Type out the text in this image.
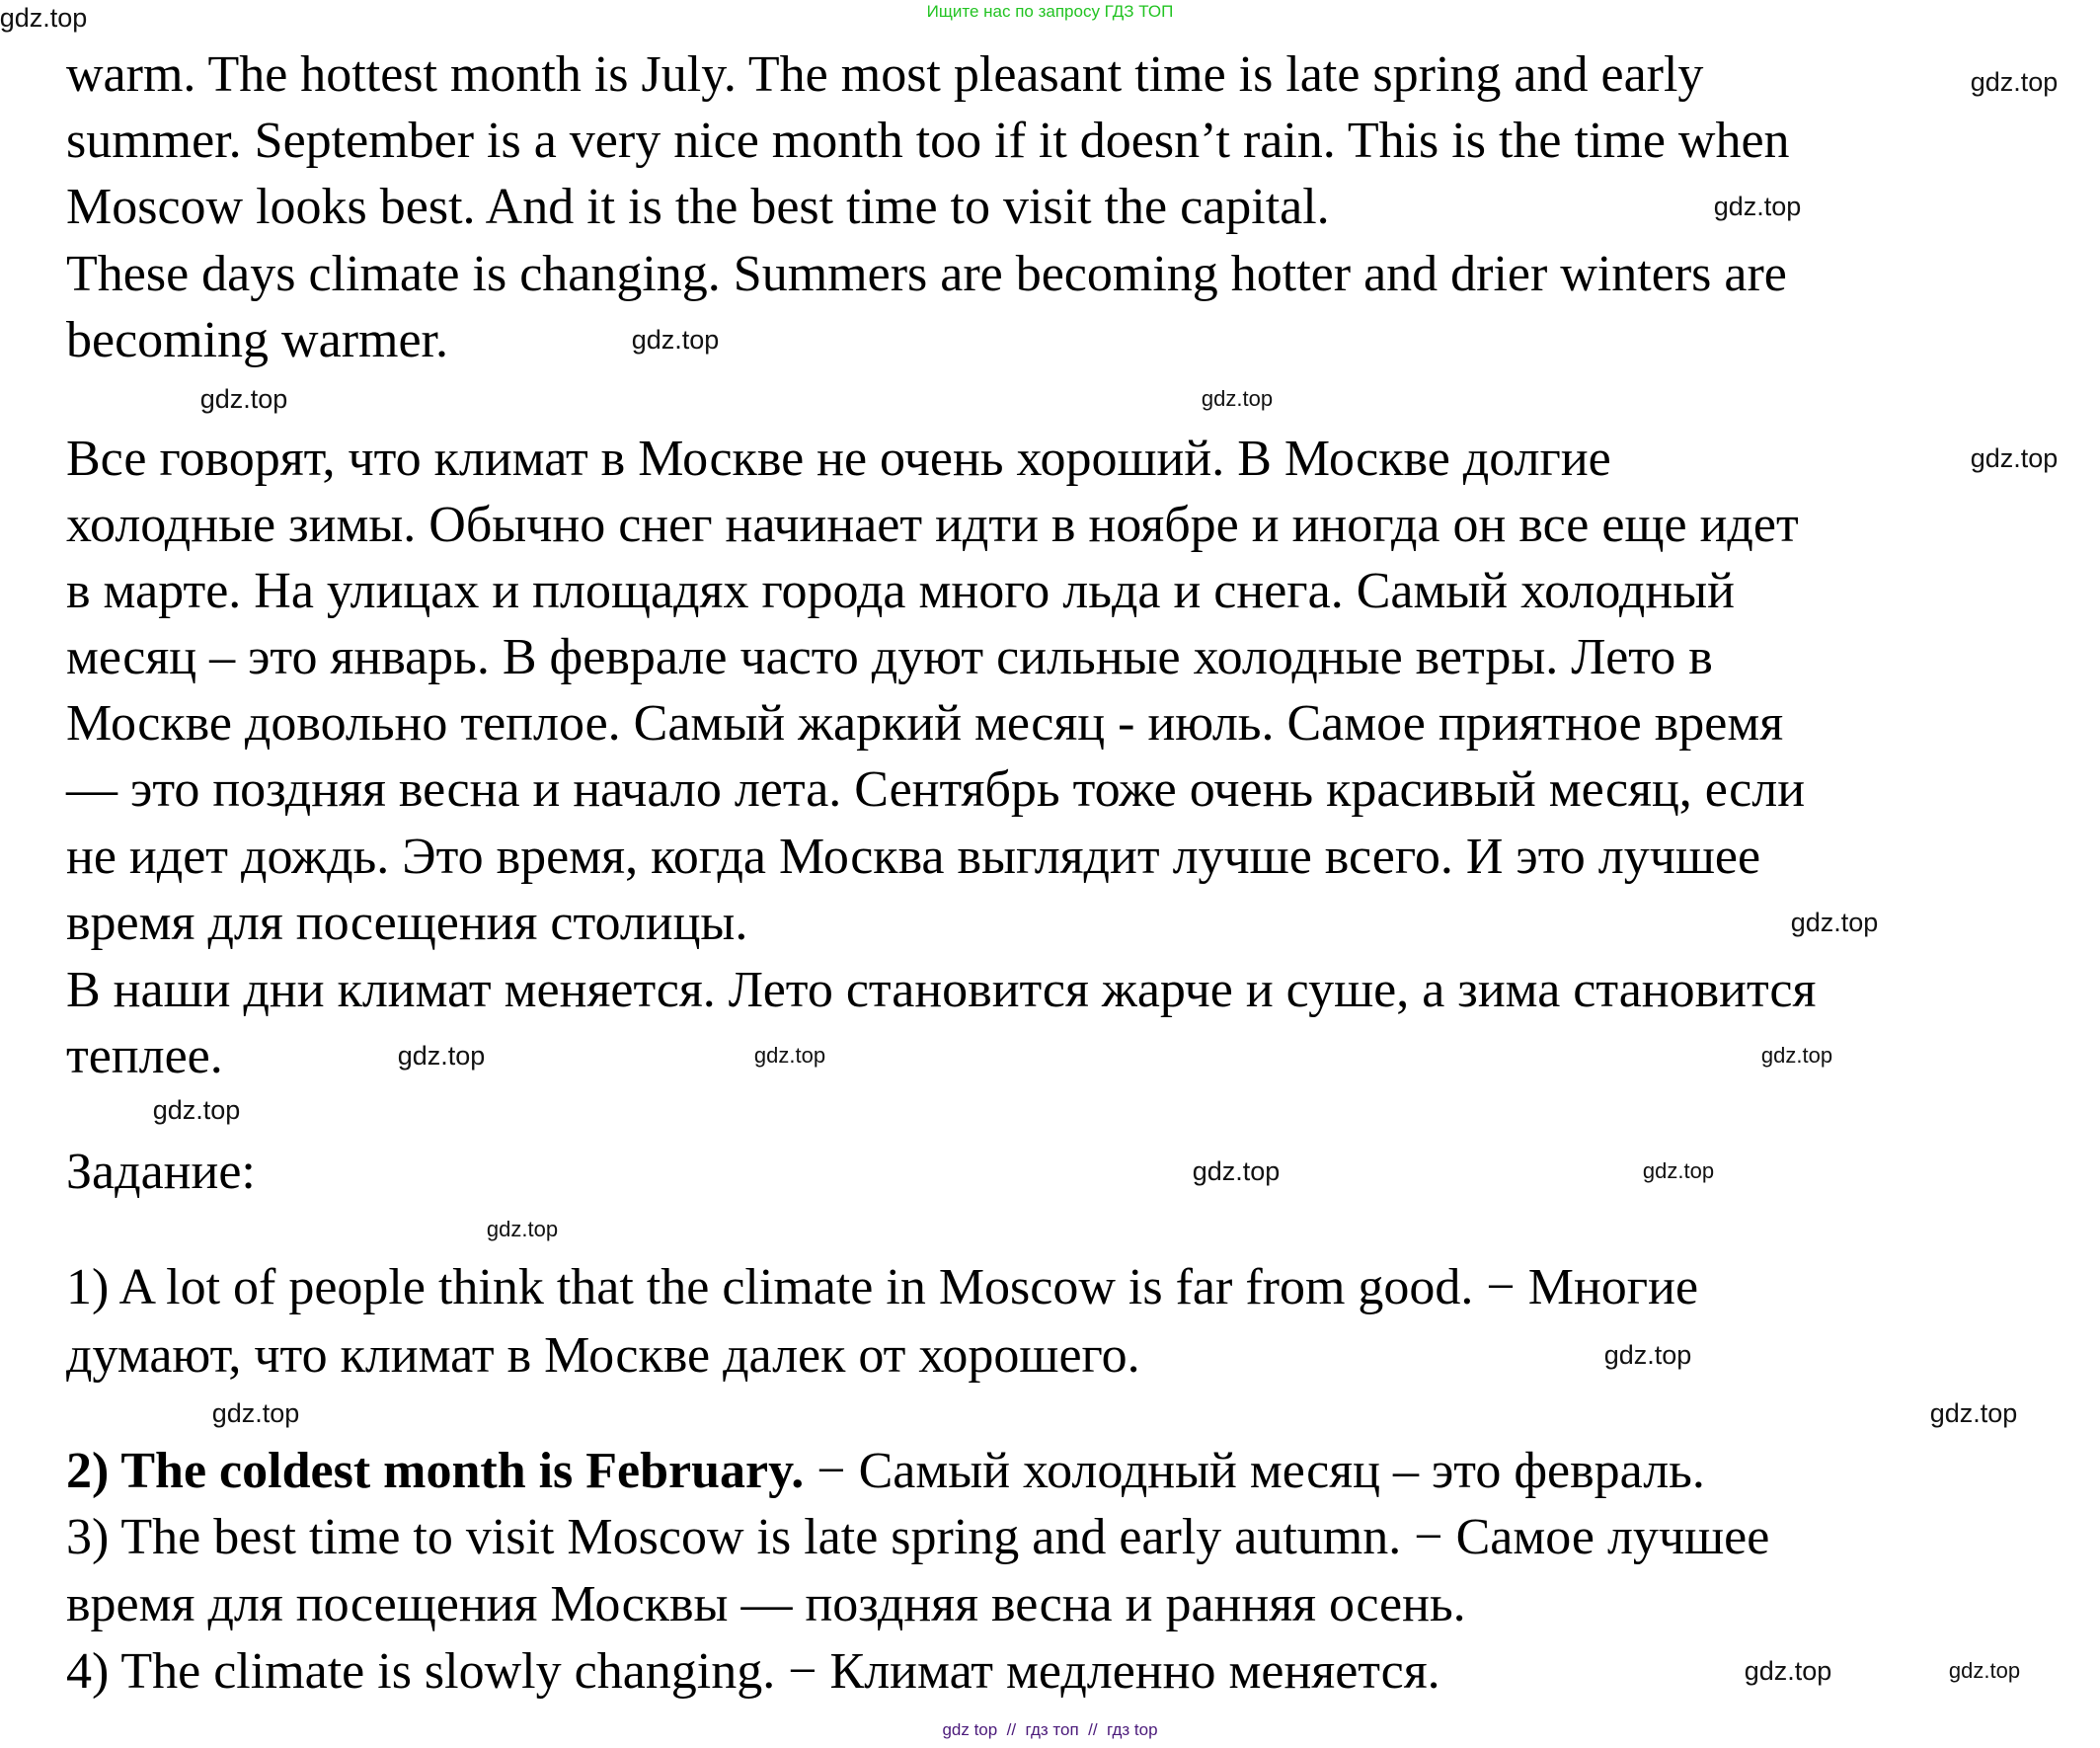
Ищите нас по запросу ГДЗ ТОП
warm. The hottest month is July. The most pleasant time is late spring and early
summer. September is a very nice month too if it doesn’t rain. This is the time when
Moscow looks best. And it is the best time to visit the capital.
These days climate is changing. Summers are becoming hotter and drier winters are
becoming warmer.
Все говорят, что климат в Москве не очень хороший. В Москве долгие
холодные зимы. Обычно снег начинает идти в ноябре и иногда он все еще идет
в марте. На улицах и площадях города много льда и снега. Самый холодный
месяц – это январь. В феврале часто дуют сильные холодные ветры. Лето в
Москве довольно теплое. Самый жаркий месяц - июль. Самое приятное время
— это поздняя весна и начало лета. Сентябрь тоже очень красивый месяц, если
не идет дождь. Это время, когда Москва выглядит лучше всего. И это лучшее
время для посещения столицы.
В наши дни климат меняется. Лето становится жарче и суше, а зима становится
теплее.
Задание:
1) A lot of people think that the climate in Moscow is far from good. − Многие
думают, что климат в Москве далек от хорошего.
2) The coldest month is February. − Самый холодный месяц – это февраль.
3) The best time to visit Moscow is late spring and early autumn. − Самое лучшее
время для посещения Москвы — поздняя весна и ранняя осень.
4) The climate is slowly changing. − Климат медленно меняется.
gdz.top
gdz.top
gdz.top
gdz.top
gdz.top
gdz.top
gdz.top
gdz.top
gdz.top
gdz.top
gdz.top
gdz.top
gdz.top
gdz.top
gdz.top
gdz.top	gdz.top
gdz.top
gdz.top
gdz.top
gdz top  //  гдз топ  //  гдз top
